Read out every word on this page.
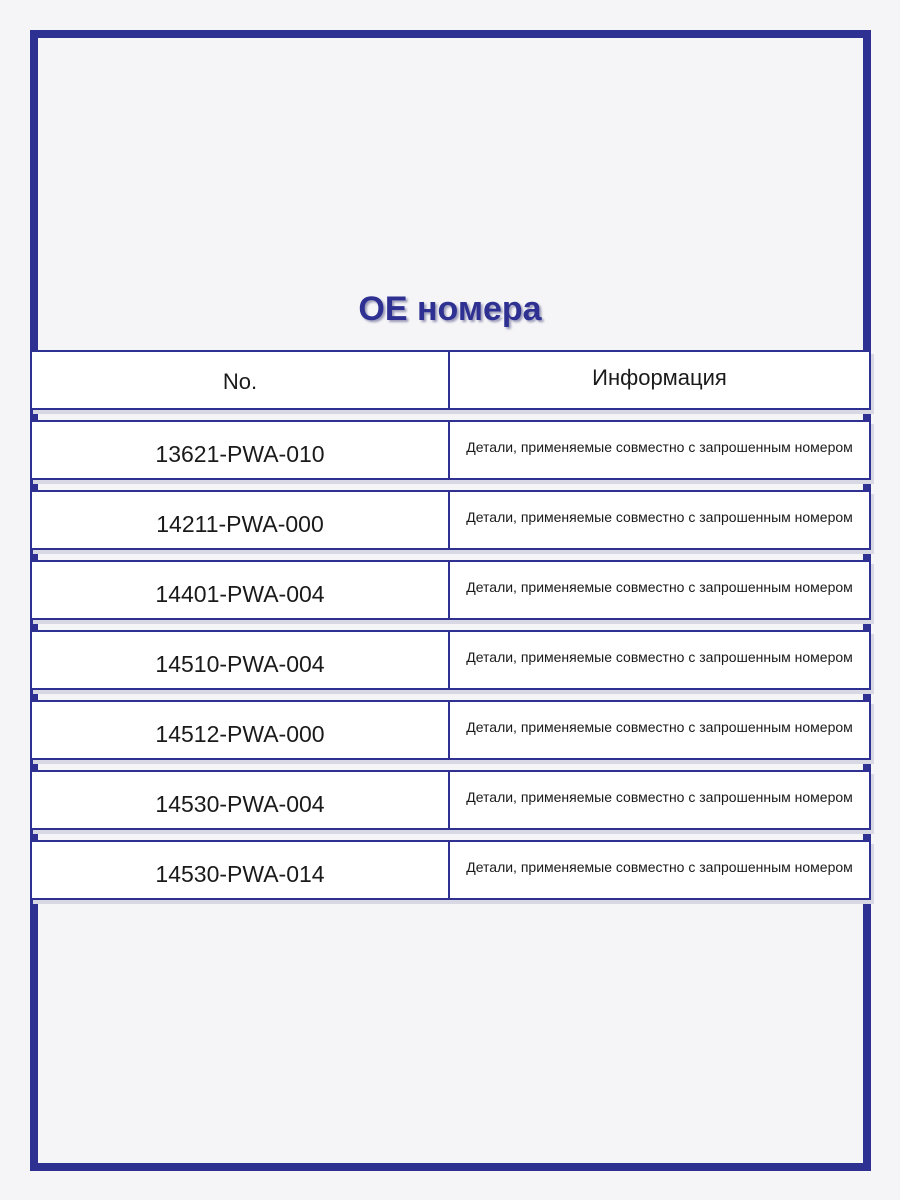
OE номера
No.	Информация
13621-PWA-010	Детали, применяемые совместно с запрошенным номером
14211-PWA-000	Детали, применяемые совместно с запрошенным номером
14401-PWA-004	Детали, применяемые совместно с запрошенным номером
14510-PWA-004	Детали, применяемые совместно с запрошенным номером
14512-PWA-000	Детали, применяемые совместно с запрошенным номером
14530-PWA-004	Детали, применяемые совместно с запрошенным номером
14530-PWA-014	Детали, применяемые совместно с запрошенным номером
